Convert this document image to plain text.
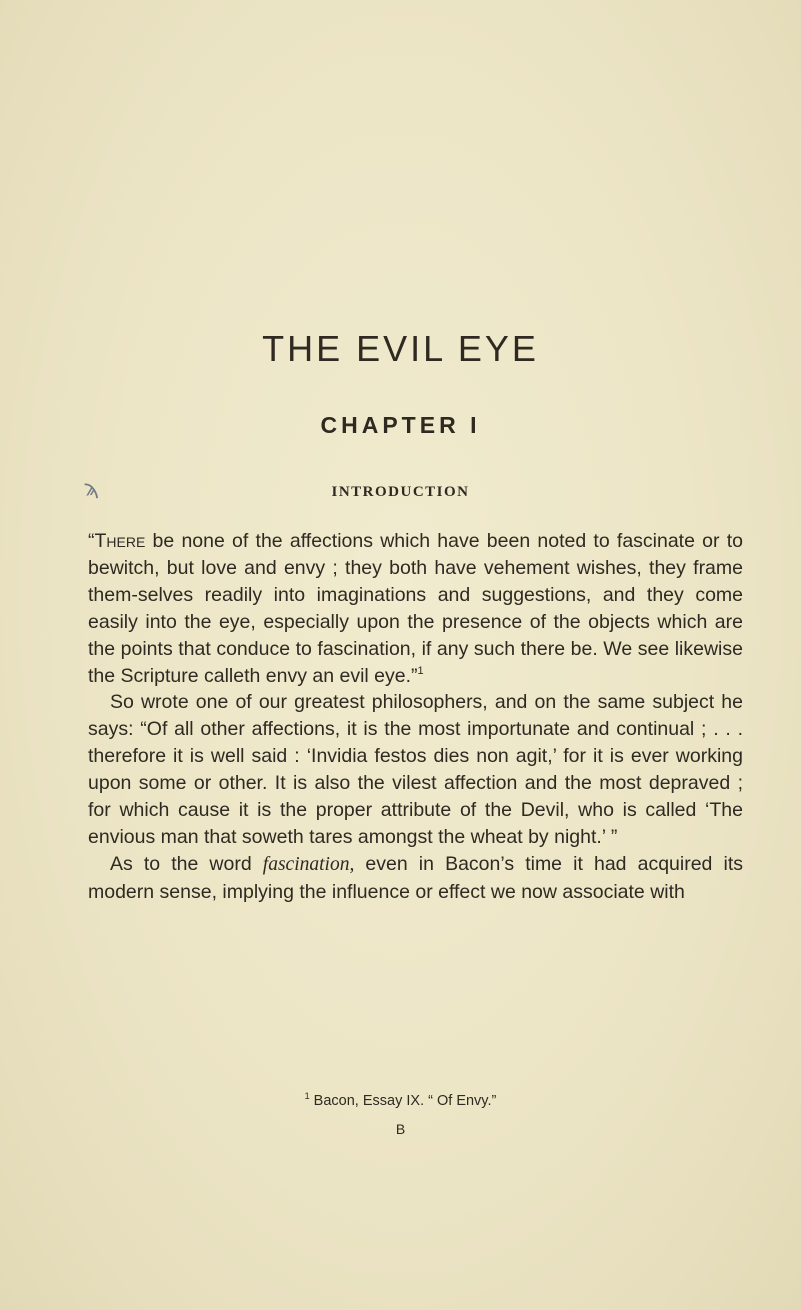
THE EVIL EYE
CHAPTER I
ϡ	INTRODUCTION

“There be none of the affections which have been noted to fascinate or to bewitch, but love and envy ; they both have vehement wishes, they frame them-selves readily into imaginations and suggestions, and they come easily into the eye, especially upon the presence of the objects which are the points that conduce to fascination, if any such there be. We see likewise the Scripture calleth envy an evil eye.”$^1$

So wrote one of our greatest philosophers, and on the same subject he says: “Of all other affections, it is the most importunate and continual ; . . . therefore it is well said : ‘Invidia festos dies non agit,’ for it is ever working upon some or other. It is also the vilest affection and the most depraved ; for which cause it is the proper attribute of the Devil, who is called ‘The envious man that soweth tares amongst the wheat by night.’ ”

As to the word fascination, even in Bacon’s time it had acquired its modern sense, implying the influence or effect we now associate with

$^1$ Bacon, Essay IX. “ Of Envy.”
B
